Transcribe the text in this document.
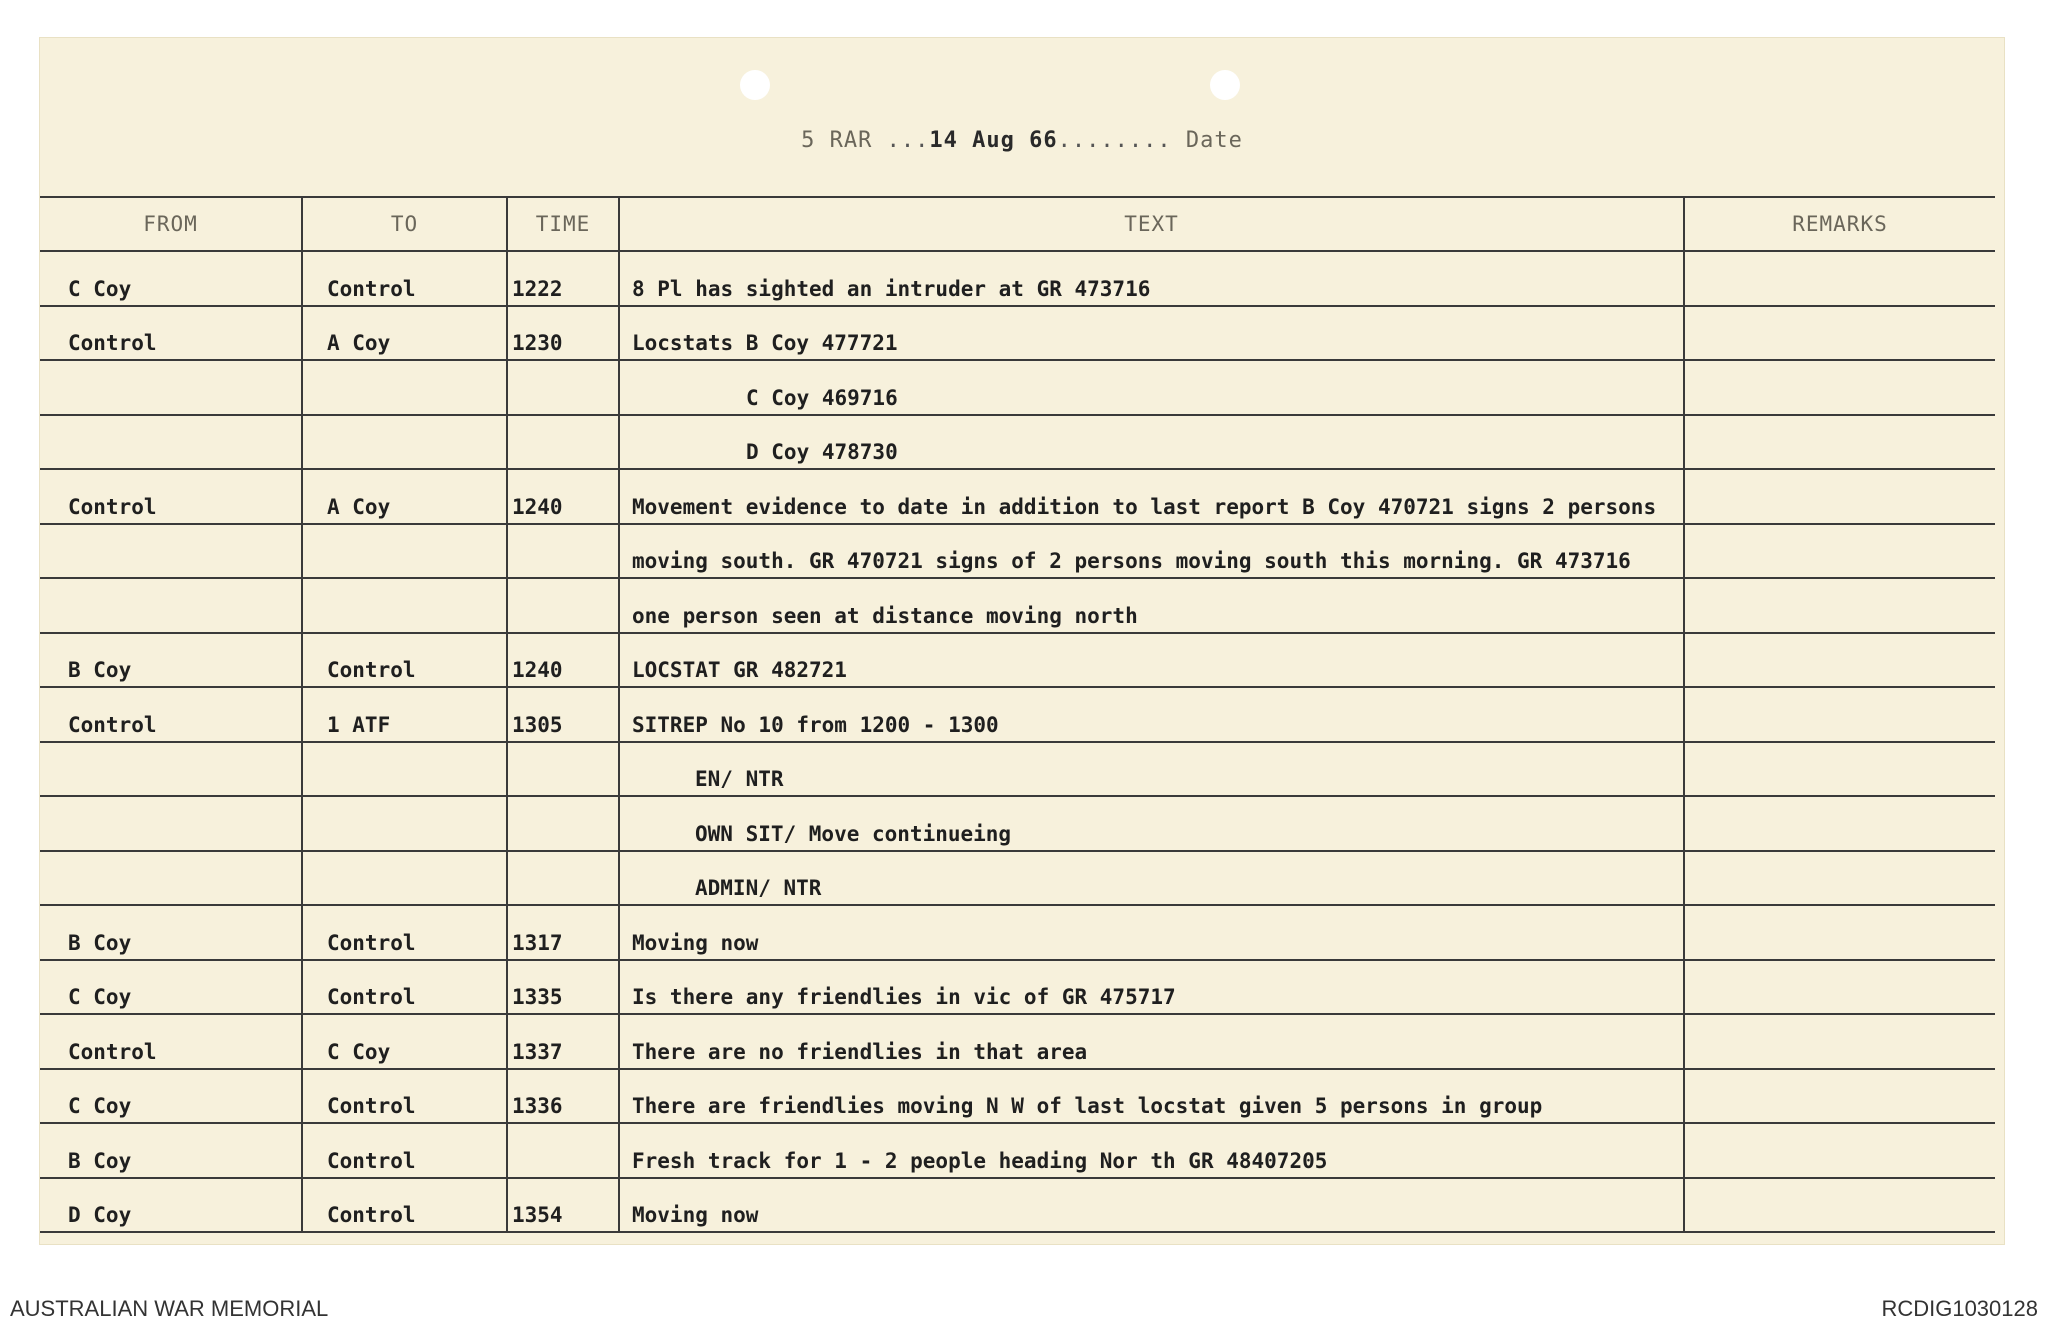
5 RAR ...14 Aug 66........ Date
FROM	TO	TIME	TEXT	REMARKS
C Coy	Control	1222	8 Pl has sighted an intruder at GR 473716	
Control	A Coy	1230	Locstats B Coy 477721	
			C Coy 469716	
			D Coy 478730	
Control	A Coy	1240	Movement evidence to date in addition to last report B Coy 470721 signs 2 persons	
			moving south. GR 470721 signs of 2 persons moving south this morning. GR 473716	
			one person seen at distance moving north	
B Coy	Control	1240	LOCSTAT GR 482721	
Control	1 ATF	1305	SITREP No 10 from 1200 - 1300	
			EN/ NTR	
			OWN SIT/ Move continueing	
			ADMIN/ NTR	
B Coy	Control	1317	Moving now	
C Coy	Control	1335	Is there any friendlies in vic of GR 475717	
Control	C Coy	1337	There are no friendlies in that area	
C Coy	Control	1336	There are friendlies moving N W of last locstat given 5 persons in group	
B Coy	Control		Fresh track for 1 - 2 people heading Nor th GR 48407205	
D Coy	Control	1354	Moving now	
AUSTRALIAN WAR MEMORIAL	RCDIG1030128
